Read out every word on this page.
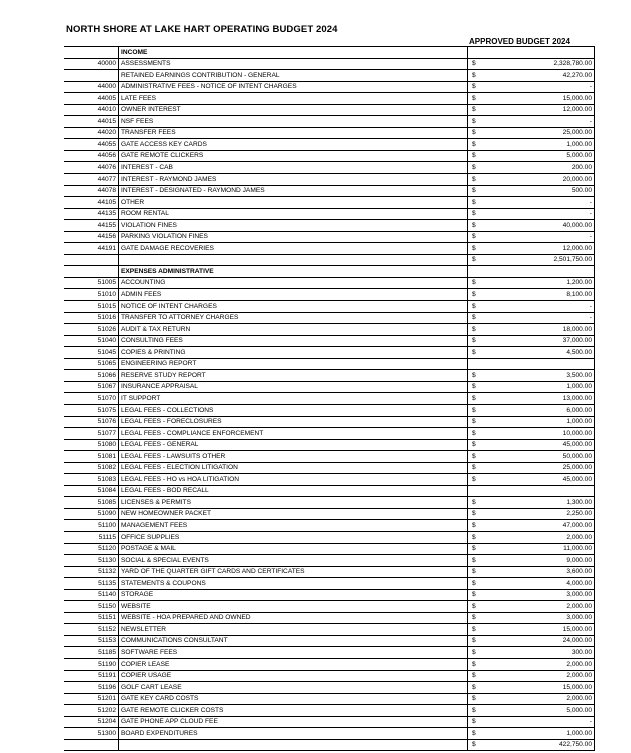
NORTH SHORE AT LAKE HART OPERATING BUDGET 2024
APPROVED BUDGET 2024
	INCOME		
40000	ASSESSMENTS	$	2,328,780.00
	RETAINED EARNINGS CONTRIBUTION - GENERAL	$	42,270.00
44000	ADMINISTRATIVE FEES - NOTICE OF INTENT CHARGES	$	-
44005	LATE FEES	$	15,000.00
44010	OWNER INTEREST	$	12,000.00
44015	NSF FEES	$	-
44020	TRANSFER FEES	$	25,000.00
44055	GATE ACCESS KEY CARDS	$	1,000.00
44056	GATE REMOTE CLICKERS	$	5,000.00
44076	INTEREST - CAB	$	200.00
44077	INTEREST - RAYMOND JAMES	$	20,000.00
44078	INTEREST - DESIGNATED - RAYMOND JAMES	$	500.00
44105	OTHER	$	-
44135	ROOM RENTAL	$	-
44155	VIOLATION FINES	$	40,000.00
44156	PARKING VIOLATION FINES	$	-
44191	GATE DAMAGE RECOVERIES	$	12,000.00
		$	2,501,750.00
	EXPENSES ADMINISTRATIVE		
51005	ACCOUNTING	$	1,200.00
51010	ADMIN FEES	$	8,100.00
51015	NOTICE OF INTENT CHARGES	$	-
51016	TRANSFER TO ATTORNEY CHARGES	$	-
51026	AUDIT & TAX RETURN	$	18,000.00
51040	CONSULTING FEES	$	37,000.00
51045	COPIES & PRINTING	$	4,500.00
51065	ENGINEERING REPORT		
51066	RESERVE STUDY REPORT	$	3,500.00
51067	INSURANCE APPRAISAL	$	1,000.00
51070	IT SUPPORT	$	13,000.00
51075	LEGAL FEES - COLLECTIONS	$	6,000.00
51076	LEGAL FEES - FORECLOSURES	$	1,000.00
51077	LEGAL FEES - COMPLIANCE ENFORCEMENT	$	10,000.00
51080	LEGAL FEES - GENERAL	$	45,000.00
51081	LEGAL FEES - LAWSUITS OTHER	$	50,000.00
51082	LEGAL FEES - ELECTION LITIGATION	$	25,000.00
51083	LEGAL FEES - HO vs HOA LITIGATION	$	45,000.00
51084	LEGAL FEES - BOD RECALL		
51085	LICENSES & PERMITS	$	1,300.00
51090	NEW HOMEOWNER PACKET	$	2,250.00
51100	MANAGEMENT FEES	$	47,000.00
51115	OFFICE SUPPLIES	$	2,000.00
51120	POSTAGE & MAIL	$	11,000.00
51130	SOCIAL & SPECIAL EVENTS	$	9,000.00
51132	YARD OF THE QUARTER GIFT CARDS AND CERTIFICATES	$	3,600.00
51135	STATEMENTS & COUPONS	$	4,000.00
51140	STORAGE	$	3,000.00
51150	WEBSITE	$	2,000.00
51151	WEBSITE - HOA PREPARED AND OWNED	$	3,000.00
51152	NEWSLETTER	$	15,000.00
51153	COMMUNICATIONS CONSULTANT	$	24,000.00
51185	SOFTWARE FEES	$	300.00
51190	COPIER LEASE	$	2,000.00
51191	COPIER USAGE	$	2,000.00
51196	GOLF CART LEASE	$	15,000.00
51201	GATE KEY CARD COSTS	$	2,000.00
51202	GATE REMOTE CLICKER COSTS	$	5,000.00
51204	GATE PHONE APP CLOUD FEE	$	-
51300	BOARD EXPENDITURES	$	1,000.00
		$	422,750.00
